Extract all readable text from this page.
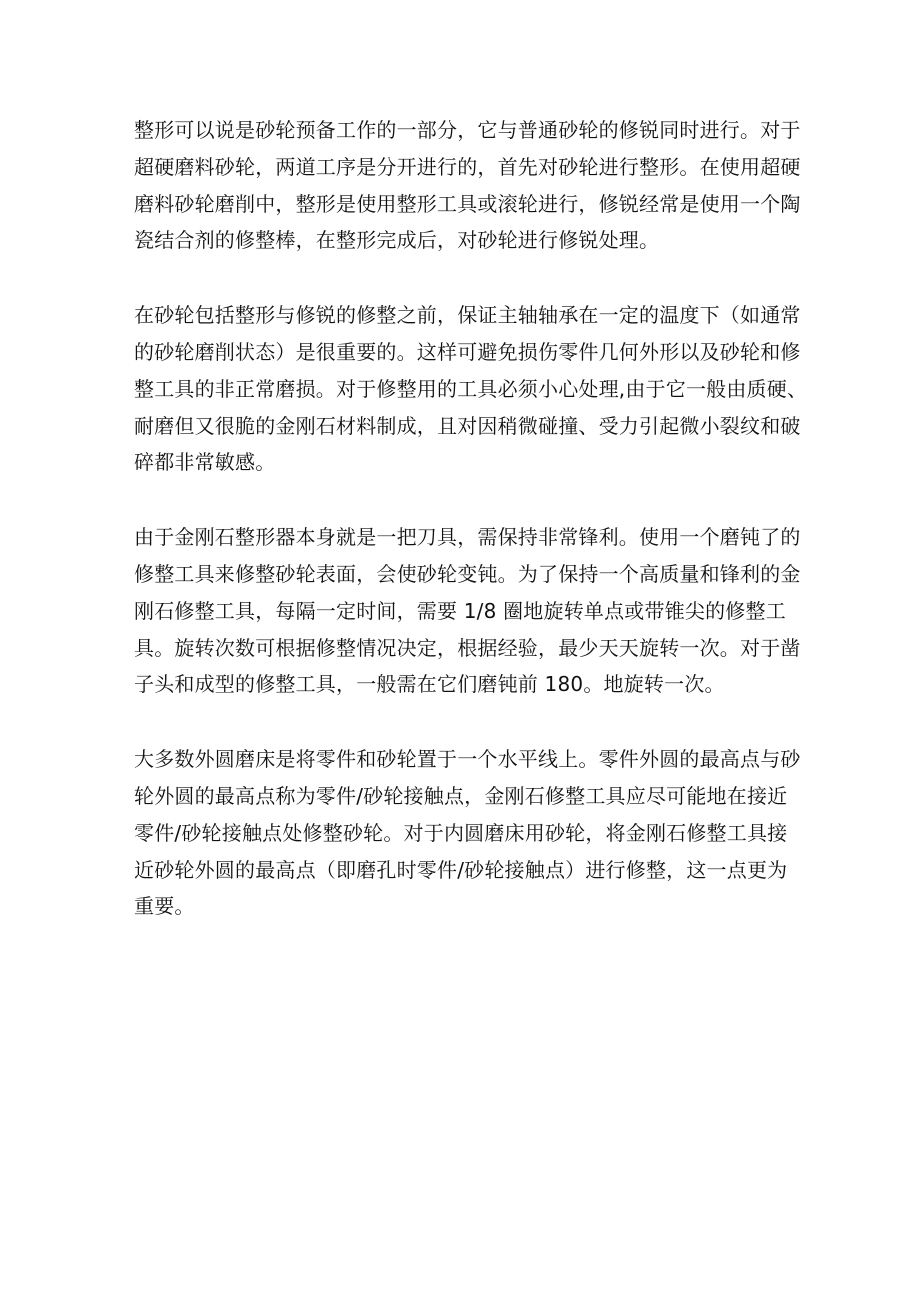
整形可以说是砂轮预备工作的一部分，它与普通砂轮的修锐同时进行。对于
超硬磨料砂轮，两道工序是分开进行的，首先对砂轮进行整形。在使用超硬
磨料砂轮磨削中，整形是使用整形工具或滚轮进行，修锐经常是使用一个陶
瓷结合剂的修整棒，在整形完成后，对砂轮进行修锐处理。

在砂轮包括整形与修锐的修整之前，保证主轴轴承在一定的温度下（如通常
的砂轮磨削状态）是很重要的。这样可避免损伤零件几何外形以及砂轮和修
整工具的非正常磨损。对于修整用的工具必须小心处理,由于它一般由质硬、
耐磨但又很脆的金刚石材料制成，且对因稍微碰撞、受力引起微小裂纹和破
碎都非常敏感。

由于金刚石整形器本身就是一把刀具，需保持非常锋利。使用一个磨钝了的
修整工具来修整砂轮表面，会使砂轮变钝。为了保持一个高质量和锋利的金
刚石修整工具，每隔一定时间，需要 1/8 圈地旋转单点或带锥尖的修整工
具。旋转次数可根据修整情况决定，根据经验，最少天天旋转一次。对于凿
子头和成型的修整工具，一般需在它们磨钝前 180。地旋转一次。

大多数外圆磨床是将零件和砂轮置于一个水平线上。零件外圆的最高点与砂
轮外圆的最高点称为零件/砂轮接触点，金刚石修整工具应尽可能地在接近
零件/砂轮接触点处修整砂轮。对于内圆磨床用砂轮，将金刚石修整工具接
近砂轮外圆的最高点（即磨孔时零件/砂轮接触点）进行修整，这一点更为
重要。
